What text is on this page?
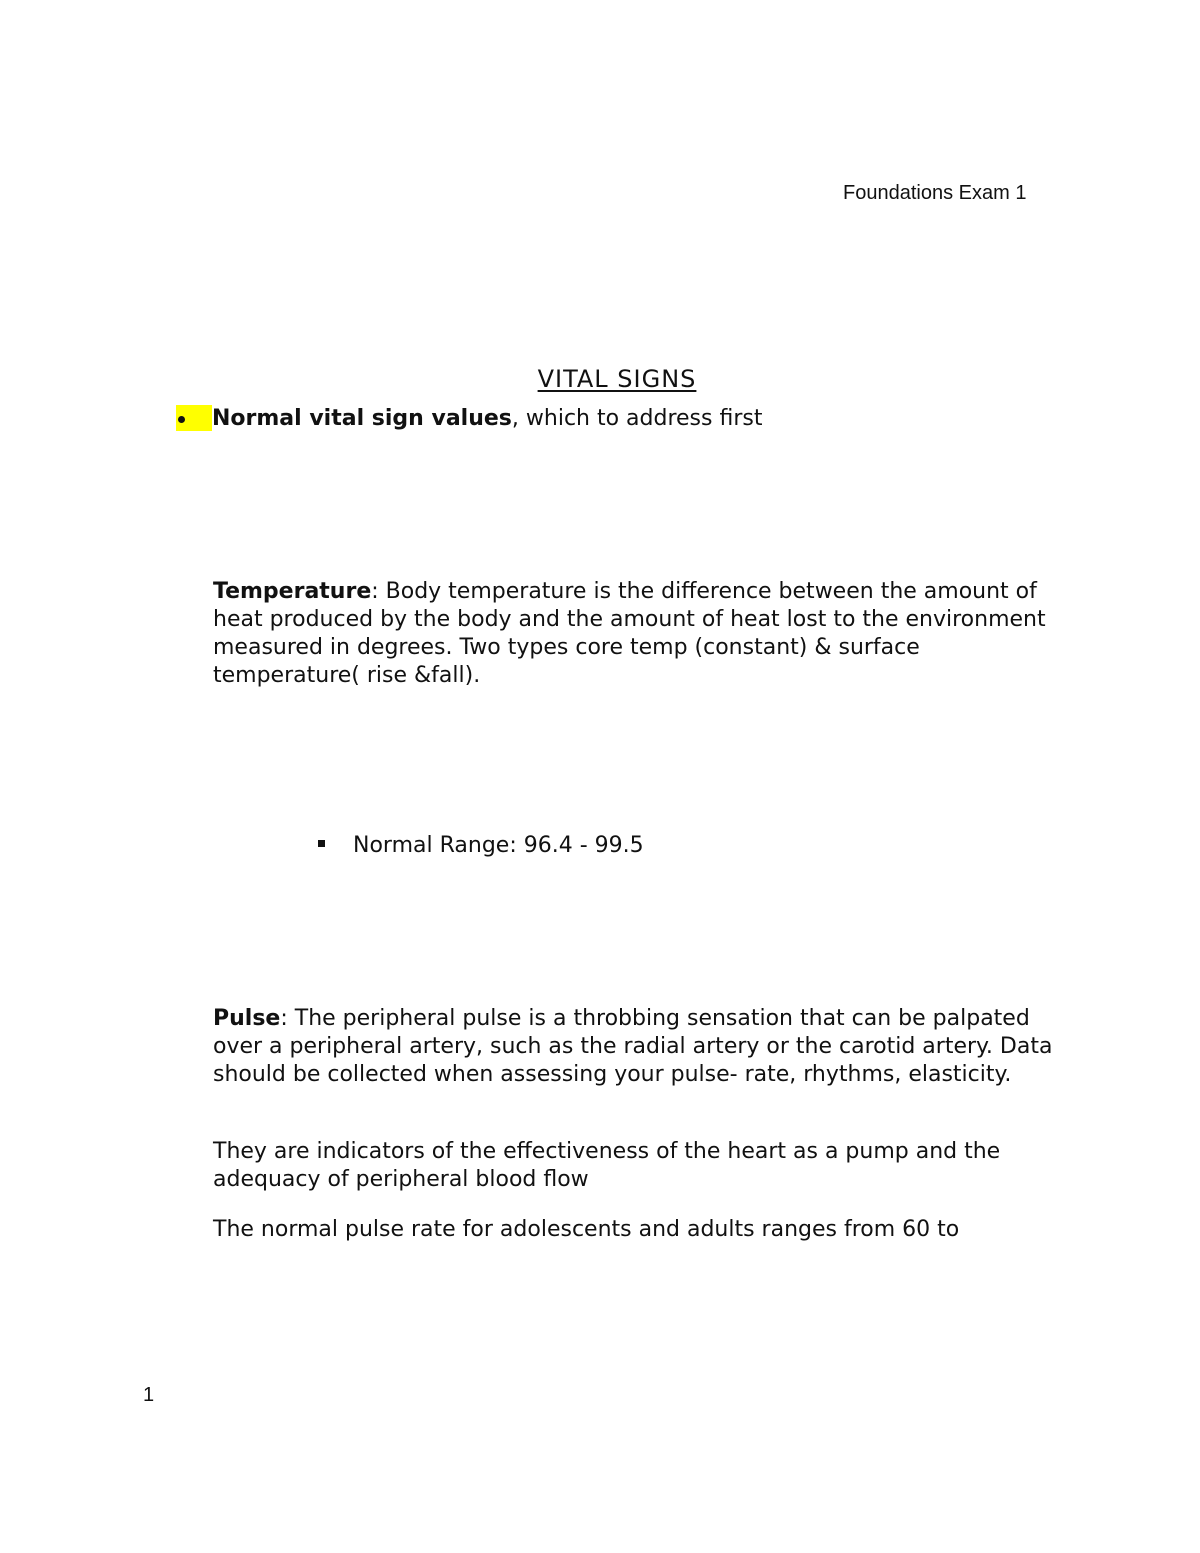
Foundations Exam 1
VITAL SIGNS
Normal vital sign values, which to address first

Temperature: Body temperature is the difference between the amount of heat produced by the body and the amount of heat lost to the environment measured in degrees. Two types core temp (constant) & surface temperature( rise &fall).

Normal Range: 96.4 - 99.5

Pulse: The peripheral pulse is a throbbing sensation that can be palpated over a peripheral artery, such as the radial artery or the carotid artery. Data should be collected when assessing your pulse- rate, rhythms, elasticity.

They are indicators of the effectiveness of the heart as a pump and the adequacy of peripheral blood flow
The normal pulse rate for adolescents and adults ranges from 60 to
1
